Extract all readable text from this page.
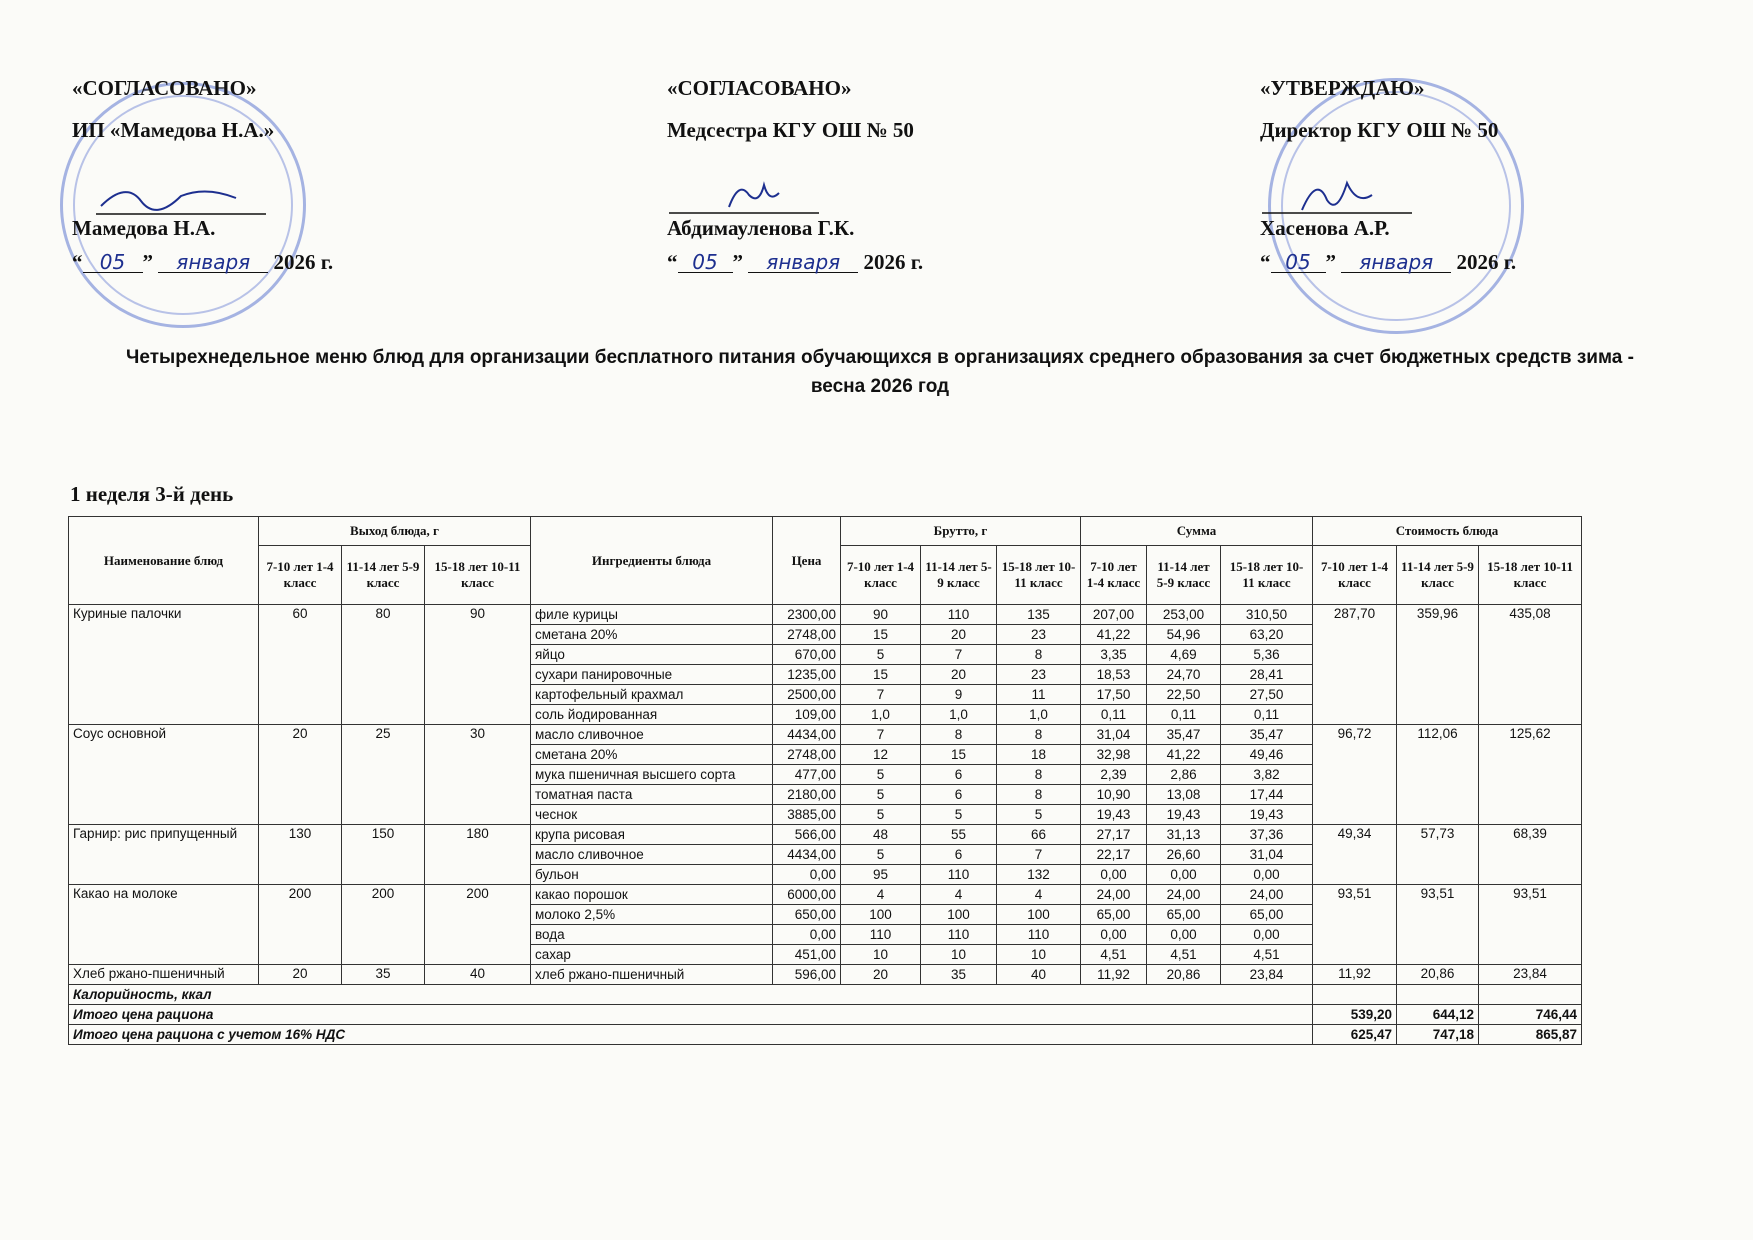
«СОГЛАСОВАНО»
ИП «Мамедова Н.А.»
Мамедова Н.А.
“ 05 ” января 2026 г.
«СОГЛАСОВАНО»
Медсестра КГУ ОШ № 50
Абдимауленова Г.К.
“ 05 ” января 2026 г.
«УТВЕРЖДАЮ»
Директор КГУ ОШ № 50
Хасенова А.Р.
“ 05 ” января 2026 г.
Четырехнедельное меню блюд для организации бесплатного питания обучающихся в организациях среднего образования за счет бюджетных средств зима - весна 2026 год
1 неделя 3-й день
Наименование блюд	Выход блюда, г			Ингредиенты блюда	Цена	Брутто, г			Сумма			Стоимость блюда		
	7-10 лет 1-4 класс	11-14 лет 5-9 класс	15-18 лет 10-11 класс			7-10 лет 1-4 класс	11-14 лет 5-9 класс	15-18 лет 10-11 класс	7-10 лет 1-4 класс	11-14 лет 5-9 класс	15-18 лет 10-11 класс	7-10 лет 1-4 класс	11-14 лет 5-9 класс	15-18 лет 10-11 класс
Куриные палочки	60	80	90	филе курицы	2300,00	90	110	135	207,00	253,00	310,50	287,70	359,96	435,08
				сметана 20%	2748,00	15	20	23	41,22	54,96	63,20			
				яйцо	670,00	5	7	8	3,35	4,69	5,36			
				сухари панировочные	1235,00	15	20	23	18,53	24,70	28,41			
				картофельный крахмал	2500,00	7	9	11	17,50	22,50	27,50			
				соль йодированная	109,00	1,0	1,0	1,0	0,11	0,11	0,11			
Соус основной	20	25	30	масло сливочное	4434,00	7	8	8	31,04	35,47	35,47	96,72	112,06	125,62
				сметана 20%	2748,00	12	15	18	32,98	41,22	49,46			
				мука пшеничная высшего сорта	477,00	5	6	8	2,39	2,86	3,82			
				томатная паста	2180,00	5	6	8	10,90	13,08	17,44			
				чеснок	3885,00	5	5	5	19,43	19,43	19,43			
Гарнир: рис припущенный	130	150	180	крупа рисовая	566,00	48	55	66	27,17	31,13	37,36	49,34	57,73	68,39
				масло сливочное	4434,00	5	6	7	22,17	26,60	31,04			
				бульон	0,00	95	110	132	0,00	0,00	0,00			
Какао на молоке	200	200	200	какао порошок	6000,00	4	4	4	24,00	24,00	24,00	93,51	93,51	93,51
				молоко 2,5%	650,00	100	100	100	65,00	65,00	65,00			
				вода	0,00	110	110	110	0,00	0,00	0,00			
				сахар	451,00	10	10	10	4,51	4,51	4,51			
Хлеб ржано-пшеничный	20	35	40	хлеб ржано-пшеничный	596,00	20	35	40	11,92	20,86	23,84	11,92	20,86	23,84
Калорийность, ккал														
Итого цена рациона												539,20	644,12	746,44
Итого цена рациона с учетом 16% НДС												625,47	747,18	865,87
